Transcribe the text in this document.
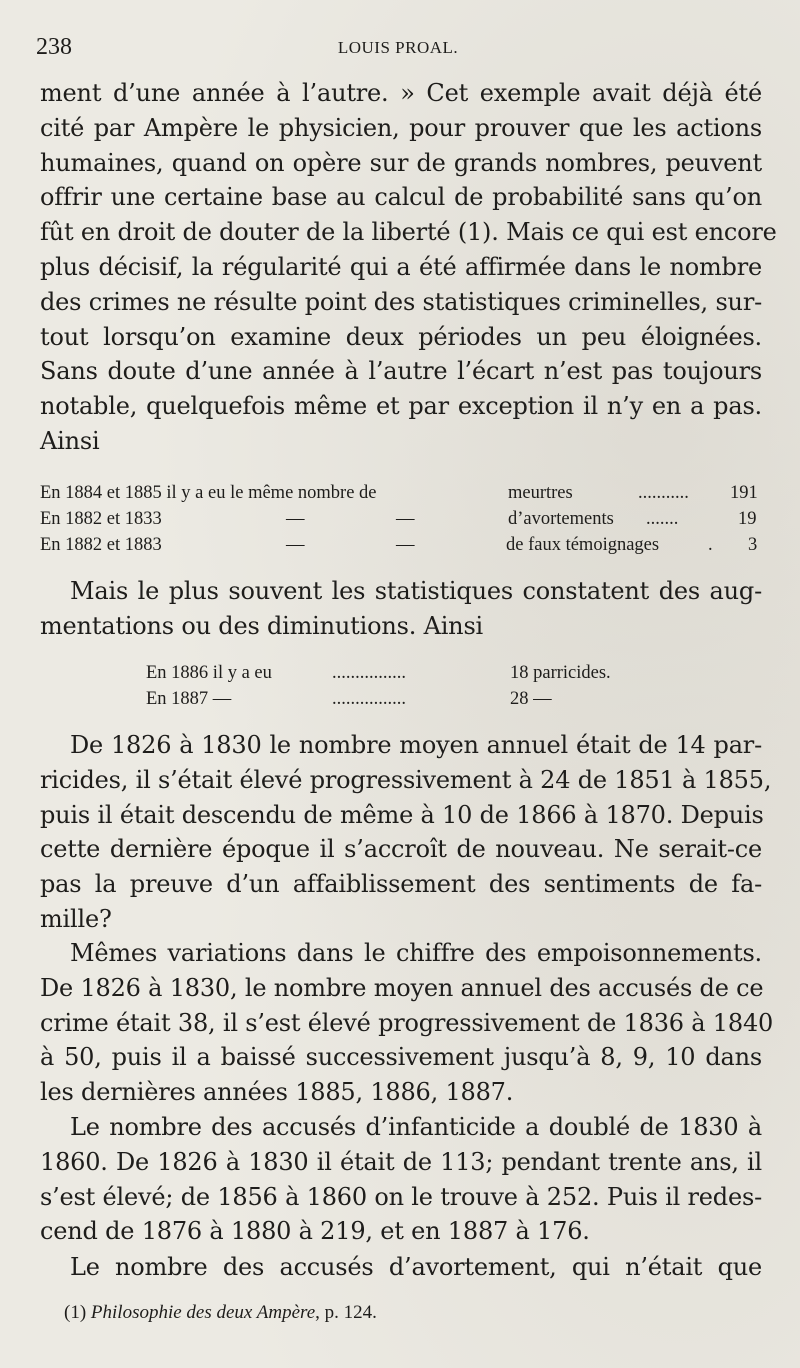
238	LOUIS PROAL.
ment d’une année à l’autre. » Cet exemple avait déjà été
cité par Ampère le physicien, pour prouver que les actions
humaines, quand on opère sur de grands nombres, peuvent
offrir une certaine base au calcul de probabilité sans qu’on
fût en droit de douter de la liberté (1). Mais ce qui est encore
plus décisif, la régularité qui a été affirmée dans le nombre
des crimes ne résulte point des statistiques criminelles, sur-
tout lorsqu’on examine deux périodes un peu éloignées.
Sans doute d’une année à l’autre l’écart n’est pas toujours
notable, quelquefois même et par exception il n’y en a pas.
Ainsi
En 1884 et 1885 il y a eu le même nombre de	meurtres	........... 191
En 1882 et 1833	—	—	d’avortements .......	19
En 1882 et 1883	—	—	de faux témoignages	. 3
Mais le plus souvent les statistiques constatent des aug-
mentations ou des diminutions. Ainsi
En 1886 il y a eu	................	18 parricides.
En 1887 —	................	28 —
De 1826 à 1830 le nombre moyen annuel était de 14 par-
ricides, il s’était élevé progressivement à 24 de 1851 à 1855,
puis il était descendu de même à 10 de 1866 à 1870. Depuis
cette dernière époque il s’accroît de nouveau. Ne serait-ce
pas la preuve d’un affaiblissement des sentiments de fa-
mille?
Mêmes variations dans le chiffre des empoisonnements.
De 1826 à 1830, le nombre moyen annuel des accusés de ce
crime était 38, il s’est élevé progressivement de 1836 à 1840
à 50, puis il a baissé successivement jusqu’à 8, 9, 10 dans
les dernières années 1885, 1886, 1887.
Le nombre des accusés d’infanticide a doublé de 1830 à
1860. De 1826 à 1830 il était de 113; pendant trente ans, il
s’est élevé; de 1856 à 1860 on le trouve à 252. Puis il redes-
cend de 1876 à 1880 à 219, et en 1887 à 176.
Le nombre des accusés d’avortement, qui n’était que
(1) Philosophie des deux Ampère, p. 124.
